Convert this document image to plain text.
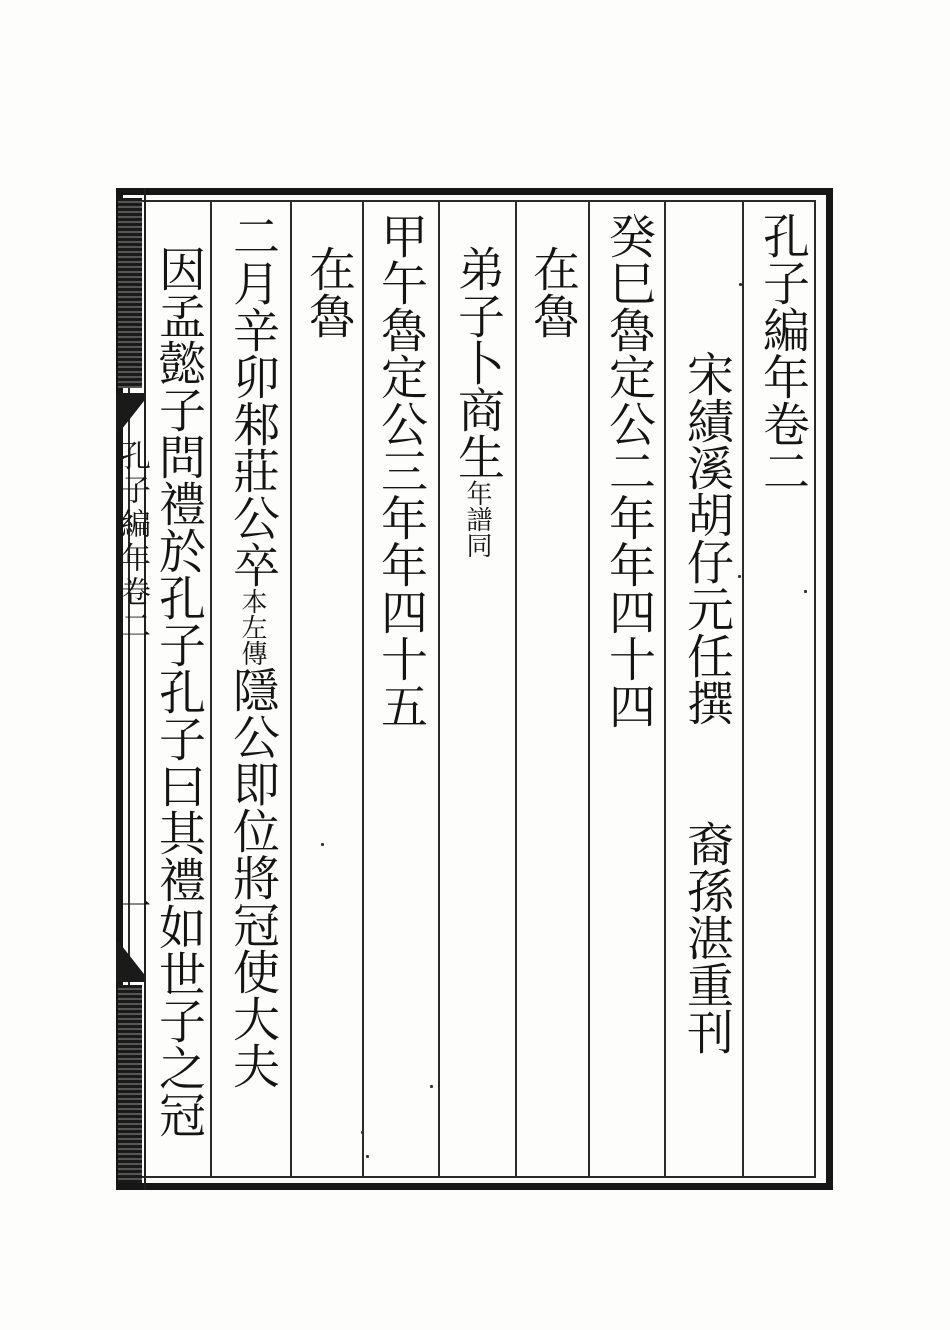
孔子編年卷二
一
孔子編年卷二
宋績溪胡仔元任撰　　裔孫湛重刊
癸巳魯定公二年年四十四
在魯
弟子卜商生年譜同
甲午魯定公三年年四十五
在魯
二月辛卯邾莊公卒本左傳隱公即位將冠使大夫
因孟懿子問禮於孔子孔子曰其禮如世子之冠
